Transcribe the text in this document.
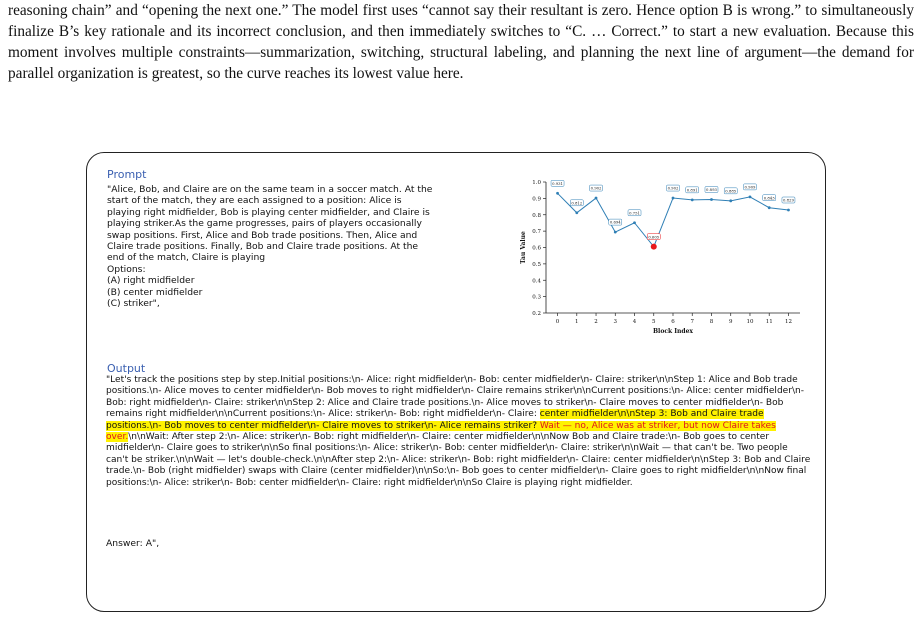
reasoning chain” and “opening the next one.” The model first uses “cannot say their resultant is zero. Hence option B is wrong.” to simultaneously finalize B’s key rationale and its incorrect conclusion, and then immediately switches to “C. … Correct.” to start a new evaluation. Because this moment involves multiple constraints—summarization, switching, structural labeling, and planning the next line of argument—the demand for parallel organization is greatest, so the curve reaches its lowest value here.

Prompt
"Alice, Bob, and Claire are on the same team in a soccer match. At the
start of the match, they are each assigned to a position: Alice is
playing right midfielder, Bob is playing center midfielder, and Claire is
playing striker.As the game progresses, pairs of players occasionally
swap positions. First, Alice and Bob trade positions. Then, Alice and
Claire trade positions. Finally, Bob and Claire trade positions. At the
end of the match, Claire is playing
Options:
(A) right midfielder
(B) center midfielder
(C) striker",
0.2
0.3
0.4
0.5
0.6
0.7
0.8
0.9
1.0
0	1	2	3	4	5	6	7	8	9	10 11 12
Tau Value
Block Index
0.931
0.812
0.902
0.694
0.751
0.605
0.902 0.891 0.893 0.885
0.909
0.843 0.829
Output
"Let's track the positions step by step.Initial positions:\n- Alice: right midfielder\n- Bob: center midfielder\n- Claire: striker\n\nStep 1: Alice and Bob trade positions.\n- Alice moves to center midfielder\n- Bob moves to right midfielder\n- Claire remains striker\n\nCurrent positions:\n- Alice: center midfielder\n- Bob: right midfielder\n- Claire: striker\n\nStep 2: Alice and Claire trade positions.\n- Alice moves to striker\n- Claire moves to center midfielder\n- Bob remains right midfielder\n\nCurrent positions:\n- Alice: striker\n- Bob: right midfielder\n- Claire: center midfielder\n\nStep 3: Bob and Claire trade positions.\n- Bob moves to center midfielder\n- Claire moves to striker\n- Alice remains striker? Wait — no, Alice was at striker, but now Claire takes over.\n\nWait: After step 2:\n- Alice: striker\n- Bob: right midfielder\n- Claire: center midfielder\n\nNow Bob and Claire trade:\n- Bob goes to center midfielder\n- Claire goes to striker\n\nSo final positions:\n- Alice: striker\n- Bob: center midfielder\n- Claire: striker\n\nWait — that can't be. Two people can't be striker.\n\nWait — let's double-check.\n\nAfter step 2:\n- Alice: striker\n- Bob: right midfielder\n- Claire: center midfielder\n\nStep 3: Bob and Claire trade.\n- Bob (right midfielder) swaps with Claire (center midfielder)\n\nSo:\n- Bob goes to center midfielder\n- Claire goes to right midfielder\n\nNow final positions:\n- Alice: striker\n- Bob: center midfielder\n- Claire: right midfielder\n\nSo Claire is playing right midfielder.
Answer: A",
